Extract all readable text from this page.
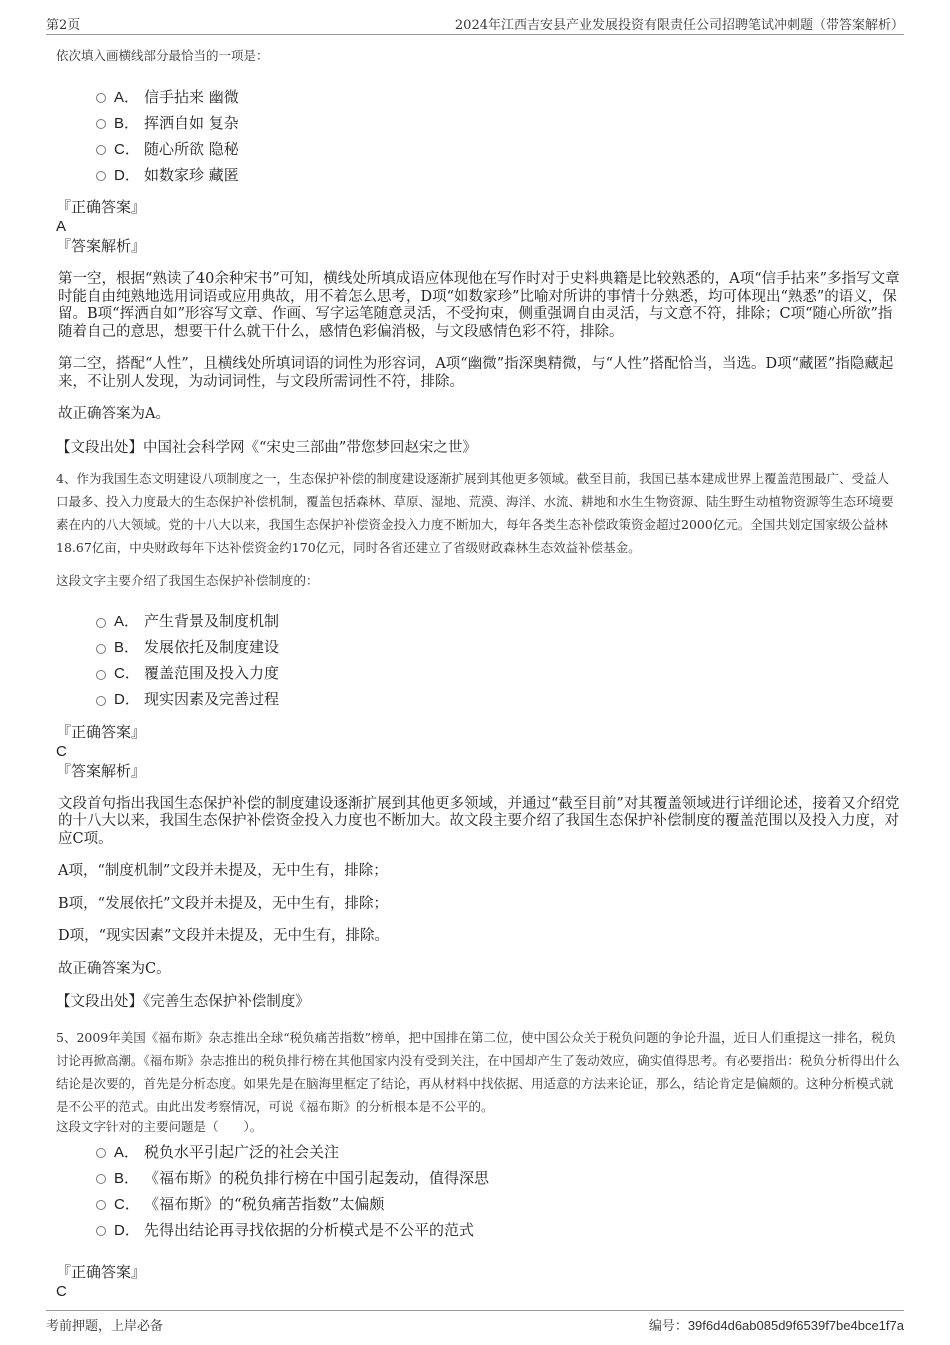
第2页	2024年江西吉安县产业发展投资有限责任公司招聘笔试冲刺题（带答案解析）

依次填入画横线部分最恰当的一项是：

A． 信手拈来 幽微
B． 挥洒自如 复杂
C． 随心所欲 隐秘
D． 如数家珍 藏匿

『正确答案』

A

『答案解析』

第一空，根据“熟读了40余种宋书”可知，横线处所填成语应体现他在写作时对于史料典籍是比较熟悉的，A项“信手拈来”多指写文章时能自由纯熟地选用词语或应用典故，用不着怎么思考，D项“如数家珍”比喻对所讲的事情十分熟悉，均可体现出“熟悉”的语义，保留。B项“挥洒自如”形容写文章、作画、写字运笔随意灵活，不受拘束，侧重强调自由灵活，与文意不符，排除；C项“随心所欲”指随着自己的意思，想要干什么就干什么，感情色彩偏消极，与文段感情色彩不符，排除。

第二空，搭配“人性”，且横线处所填词语的词性为形容词，A项“幽微”指深奥精微，与“人性”搭配恰当，当选。D项“藏匿”指隐藏起来，不让别人发现，为动词词性，与文段所需词性不符，排除。

故正确答案为A。

【文段出处】中国社会科学网《“宋史三部曲”带您梦回赵宋之世》

4、作为我国生态文明建设八项制度之一，生态保护补偿的制度建设逐渐扩展到其他更多领域。截至目前，我国已基本建成世界上覆盖范围最广、受益人口最多、投入力度最大的生态保护补偿机制，覆盖包括森林、草原、湿地、荒漠、海洋、水流、耕地和水生生物资源、陆生野生动植物资源等生态环境要素在内的八大领域。党的十八大以来，我国生态保护补偿资金投入力度不断加大，每年各类生态补偿政策资金超过2000亿元。全国共划定国家级公益林18.67亿亩，中央财政每年下达补偿资金约170亿元，同时各省还建立了省级财政森林生态效益补偿基金。

这段文字主要介绍了我国生态保护补偿制度的：

A． 产生背景及制度机制
B． 发展依托及制度建设
C． 覆盖范围及投入力度
D． 现实因素及完善过程

『正确答案』

C

『答案解析』

文段首句指出我国生态保护补偿的制度建设逐渐扩展到其他更多领域，并通过“截至目前”对其覆盖领域进行详细论述，接着又介绍党的十八大以来，我国生态保护补偿资金投入力度也不断加大。故文段主要介绍了我国生态保护补偿制度的覆盖范围以及投入力度，对应C项。

A项，“制度机制”文段并未提及，无中生有，排除；

B项，“发展依托”文段并未提及，无中生有，排除；

D项，“现实因素”文段并未提及，无中生有，排除。

故正确答案为C。

【文段出处】《完善生态保护补偿制度》

5、2009年美国《福布斯》杂志推出全球“税负痛苦指数”榜单，把中国排在第二位，使中国公众关于税负问题的争论升温，近日人们重提这一排名，税负讨论再掀高潮。《福布斯》杂志推出的税负排行榜在其他国家内没有受到关注，在中国却产生了轰动效应，确实值得思考。有必要指出：税负分析得出什么结论是次要的，首先是分析态度。如果先是在脑海里框定了结论，再从材料中找依据、用适意的方法来论证，那么，结论肯定是偏颇的。这种分析模式就是不公平的范式。由此出发考察情况，可说《福布斯》的分析根本是不公平的。

这段文字针对的主要问题是（　　）。

A． 税负水平引起广泛的社会关注
B． 《福布斯》的税负排行榜在中国引起轰动，值得深思
C． 《福布斯》的“税负痛苦指数”太偏颇
D． 先得出结论再寻找依据的分析模式是不公平的范式

『正确答案』

C

考前押题，上岸必备	编号：39f6d4d6ab085d9f6539f7be4bce1f7a
